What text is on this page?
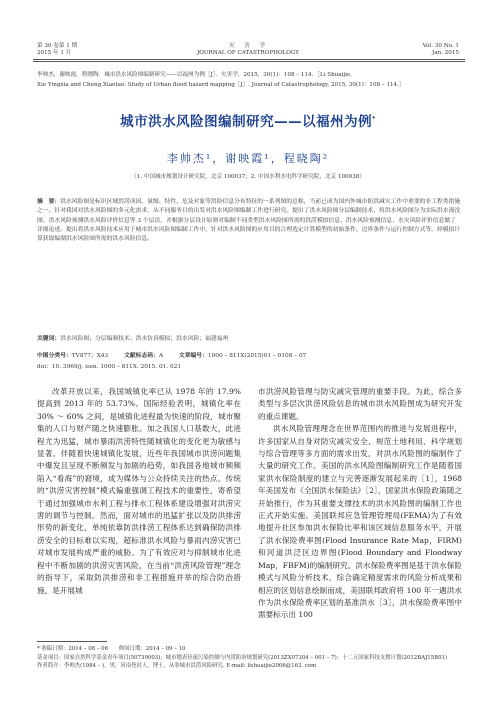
第 30 卷第 1 期
2015 年 1 月
灾　害　学
JOURNAL OF CATASTROPHOLOGY
Vol. 30 No. 1
Jan. 2015
李帅杰，谢映霞，程晓陶．城市洪水风险图编制研究——以福州为例［J］．灾害学，2015，30(1)：108 – 114．［Li Shuaijie,
Xie Yingxia and Cheng Xiaotao. Study of Urban flood hazard mapping［J］. Journal of Catastrophology, 2015, 30(1)：108 – 114.］
城市洪水风险图编制研究——以福州为例*
李帅杰¹，谢映霞¹，程晓陶²
（1. 中国城市规划设计研究院，北京 100037；2. 中国水利水电科学研究院，北京 100038）
摘　要：洪水风险图是标识区域洪涝成因、量级、特性、危及对象等洪险信息分布特征的一系列图的总称，当前已成为国内外城市防洪减灾工作中重要的非工程类措施之一。针对我国对洪水风险图的多元化需求，从不同服务目的出发对洪水风险图编制工作进行研究。提出了洪水风险图分层编制技术，将洪水风险图分为实际洪水淹没图、洪水风险预测洪水风险评价信息等 3 个层次，并根据分层设计原则对编制不同类型洪水风险图所需的洪涝模拟信息、洪水风险预测信息、水灾风险评价信息做了详细论述。提出将洪水风险技术应用于城市洪水风险图编制工作中，针对洪水风险图的应用目的合理选定计算模型的初始条件、边界条件与运行控制方式等。经模拟计算获取编制洪水风险图所需的洪水风险信息。
关键词：洪水风险图；分层编制技术；洪水仿真模拟；洪水风险；福建福州
中图分类号：TV877；X43	文献标志码：A	文章编号：1000 – 811X(2015)01 – 0108 – 07
doi：10. 3969/j. issn. 1000 – 811X. 2015. 01. 021

改革开放以来，我国城镇化率已从 1978 年的 17.9% 提高到 2013 年的 53.73%。国际经验表明，城镇化率在 30% ～ 60% 之间，是城镇化进程最为快速的阶段，城市聚集的人口与财产随之快速膨胀。加之我国人口基数大，此进程尤为迅猛，城市暴雨洪涝特性随城镇化的变化更为敏感与显著。伴随着快速城镇化发展，近些年我国城市洪涝问题集中爆发且呈现不断频发与加剧的趋势，如我国各地城市频频陷入“看海”的窘境，成为媒体与公众持续关注的热点。传统的“洪涝灾害控制”模式偏重强调工程技术的重要性，寄希望于通过加强城市水利工程与排水工程体系建设增强对洪涝灾害的调节与控制。然而，面对城市的迅猛扩张以及防洪排涝形势的新变化，单纯依靠防洪排涝工程体系达到确保防洪排涝安全的目标难以实现，超标准洪水风险与暴雨内涝灾害已对城市发展构成严重的威胁。为了有效应对与抑制城市化进程中不断加剧的洪涝灾害风险，在当前“洪涝风险管理”理念的指导下，采取防洪排涝和非工程措施并举的综合防治措施，是开展城

市洪涝风险管理与防灾减灾管理的重要手段。为此，综合多类型与多层次洪涝风险信息的城市洪水风险图成为研究开发的重点课题。

洪水风险管理理念在世界范围内的推进与发展进程中，许多国家从自身对防灾减灾安全、规范土地利用、科学规划与综合管理等多方面的需求出发，对洪水风险图的编制作了大量的研究工作。美国的洪水风险图编制研究工作是随着国家洪水保险制度的建立与完善逐渐发展起来的［1］，1968 年美国发布《全国洪水保险法》［2］，国家洪水保险政策随之开始推行，作为其重要支撑技术的洪水风险图的编制工作也正式开始实施。美国联邦应急管理管理局(FEMA)为了有效地提升社区参加洪水保险比率和该区域信息服务水平，开展了洪水保险费率图(Flood Insurance Rate Map，FIRM)和河道洪泛区边界图(Flood Boundary and Floodway Map，FBFM)的编制研究。洪水保险费率图是基于洪水保险模式与风险分析技术，综合确定精度需求的风险分析成果和相应的区划信息绘制而成，美国联邦政府将 100 年一遇洪水作为洪水保险费率区划的基准洪水［3］，洪水保险费率图中需要标示出 100

* 收稿日期：2014 – 08 – 06　　修回日期：2014 – 09 – 10
基金项目：国家自然科学基金青年项目(50739003)；城市地表径流污染控制与内涝防治规划研究(2013ZX07304 – 001 – 7)；十二五国家科技支撑计划(2012BAJ15B01)
作者简介：李帅杰(1984 – )，男，河南登封人，博士，从事城市洪涝风险研究. E-mail: lishuaijie2006@163. com
